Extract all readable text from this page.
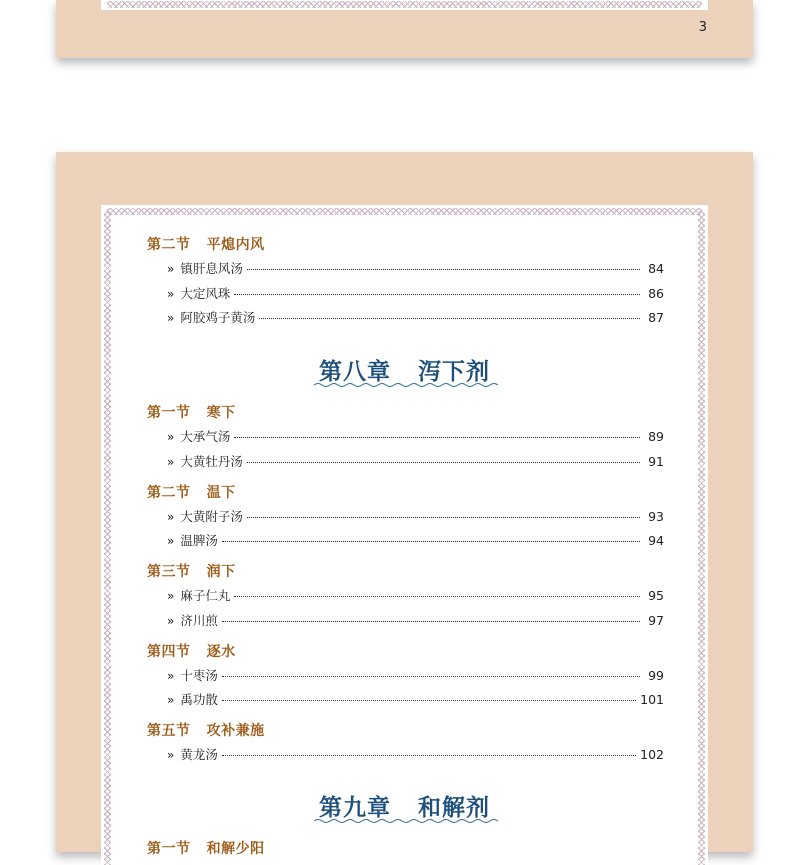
3
第二节   平熄内风
» 镇肝息风汤	84
» 大定风珠	86
» 阿胶鸡子黄汤	87
第八章   泻下剂
第一节   寒下
» 大承气汤	89
» 大黄牡丹汤	91
第二节   温下
» 大黄附子汤	93
» 温脾汤	94
第三节   润下
» 麻子仁丸	95
» 济川煎	97
第四节   逐水
» 十枣汤	99
» 禹功散	101
第五节   攻补兼施
» 黄龙汤	102
第九章   和解剂
第一节   和解少阳
